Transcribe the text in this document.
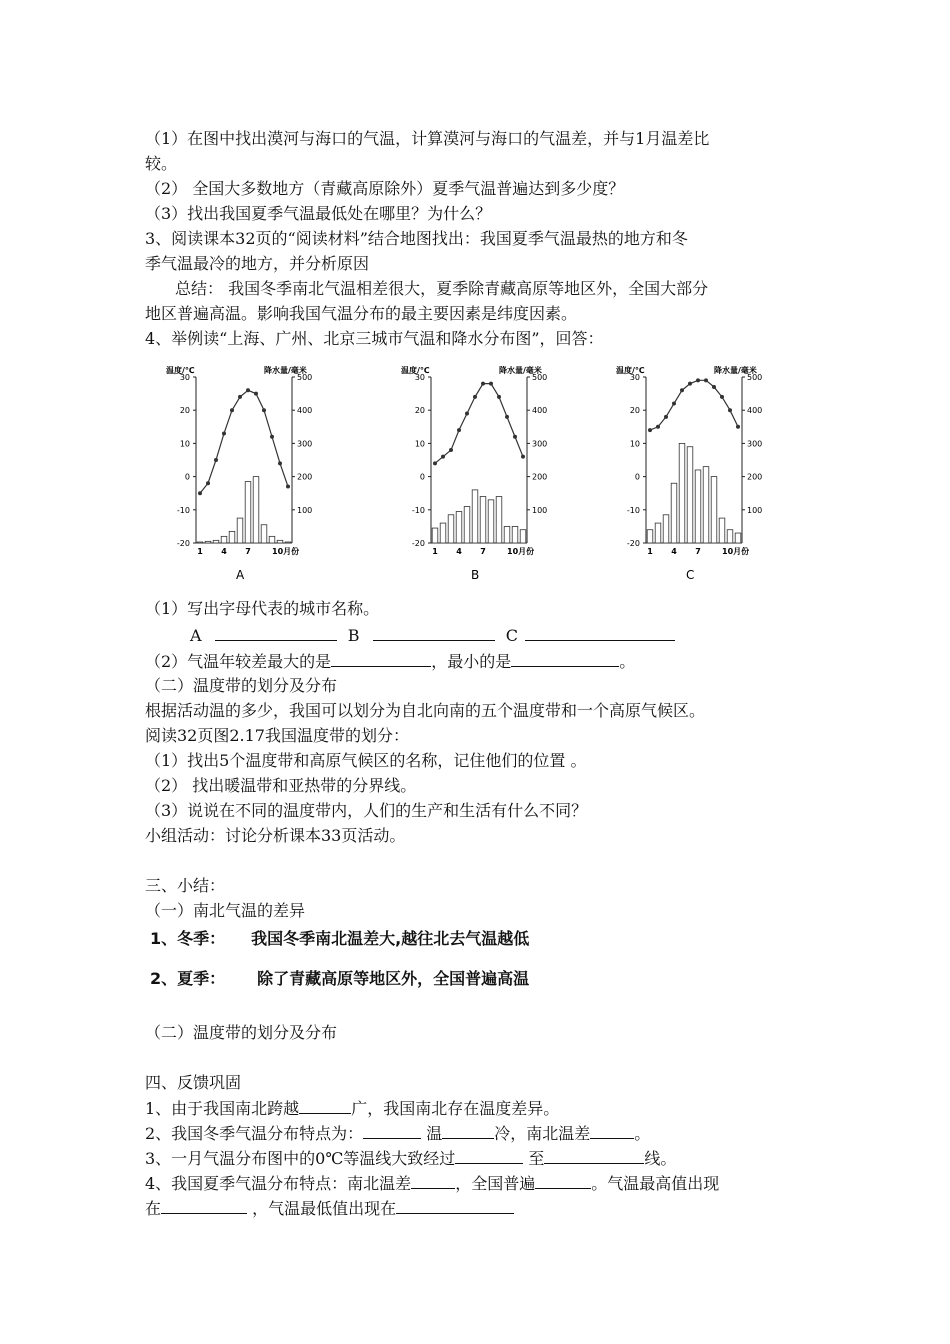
（1）在图中找出漠河与海口的气温，计算漠河与海口的气温差，并与1月温差比
较。
（2） 全国大多数地方（青藏高原除外）夏季气温普遍达到多少度？
（3）找出我国夏季气温最低处在哪里？为什么？
3、阅读课本32页的“阅读材料”结合地图找出：我国夏季气温最热的地方和冬
季气温最冷的地方，并分析原因
总结： 我国冬季南北气温相差很大，夏季除青藏高原等地区外，全国大部分
地区普遍高温。影响我国气温分布的最主要因素是纬度因素。
4、举例读“上海、广州、北京三城市气温和降水分布图”，回答：
温度/℃	降水量/毫米
30
20
10
0
-10
-20
500
400
300
200
100
1 4 7	10月份
A
温度/℃	降水量/毫米
30
20
10
0
-10
-20
500
400
300
200
100
1 4 7	10月份
B
温度/℃	降水量/毫米
30
20
10
0
-10
-20
500
400
300
200
100
1 4 7	10月份
C
（1）写出字母代表的城市名称。
A	B	C
（2）气温年较差最大的是	，最小的是	。
（二）温度带的划分及分布
根据活动温的多少，我国可以划分为自北向南的五个温度带和一个高原气候区。
阅读32页图2.17我国温度带的划分：
（1）找出5个温度带和高原气候区的名称，记住他们的位置 。
（2） 找出暖温带和亚热带的分界线。
（3）说说在不同的温度带内，人们的生产和生活有什么不同？
小组活动：讨论分析课本33页活动。
三、小结：
（一）南北气温的差异
1、冬季： 我国冬季南北温差大,越往北去气温越低
2、夏季： 除了青藏高原等地区外，全国普遍高温
（二）温度带的划分及分布
四、反馈巩固
1、由于我国南北跨越	广，我国南北存在温度差异。
2、我国冬季气温分布特点为：	温	冷，南北温差	。
3、一月气温分布图中的0℃等温线大致经过	至	线。
4、我国夏季气温分布特点：南北温差	，全国普遍	。气温最高值出现
在	，气温最低值出现在
